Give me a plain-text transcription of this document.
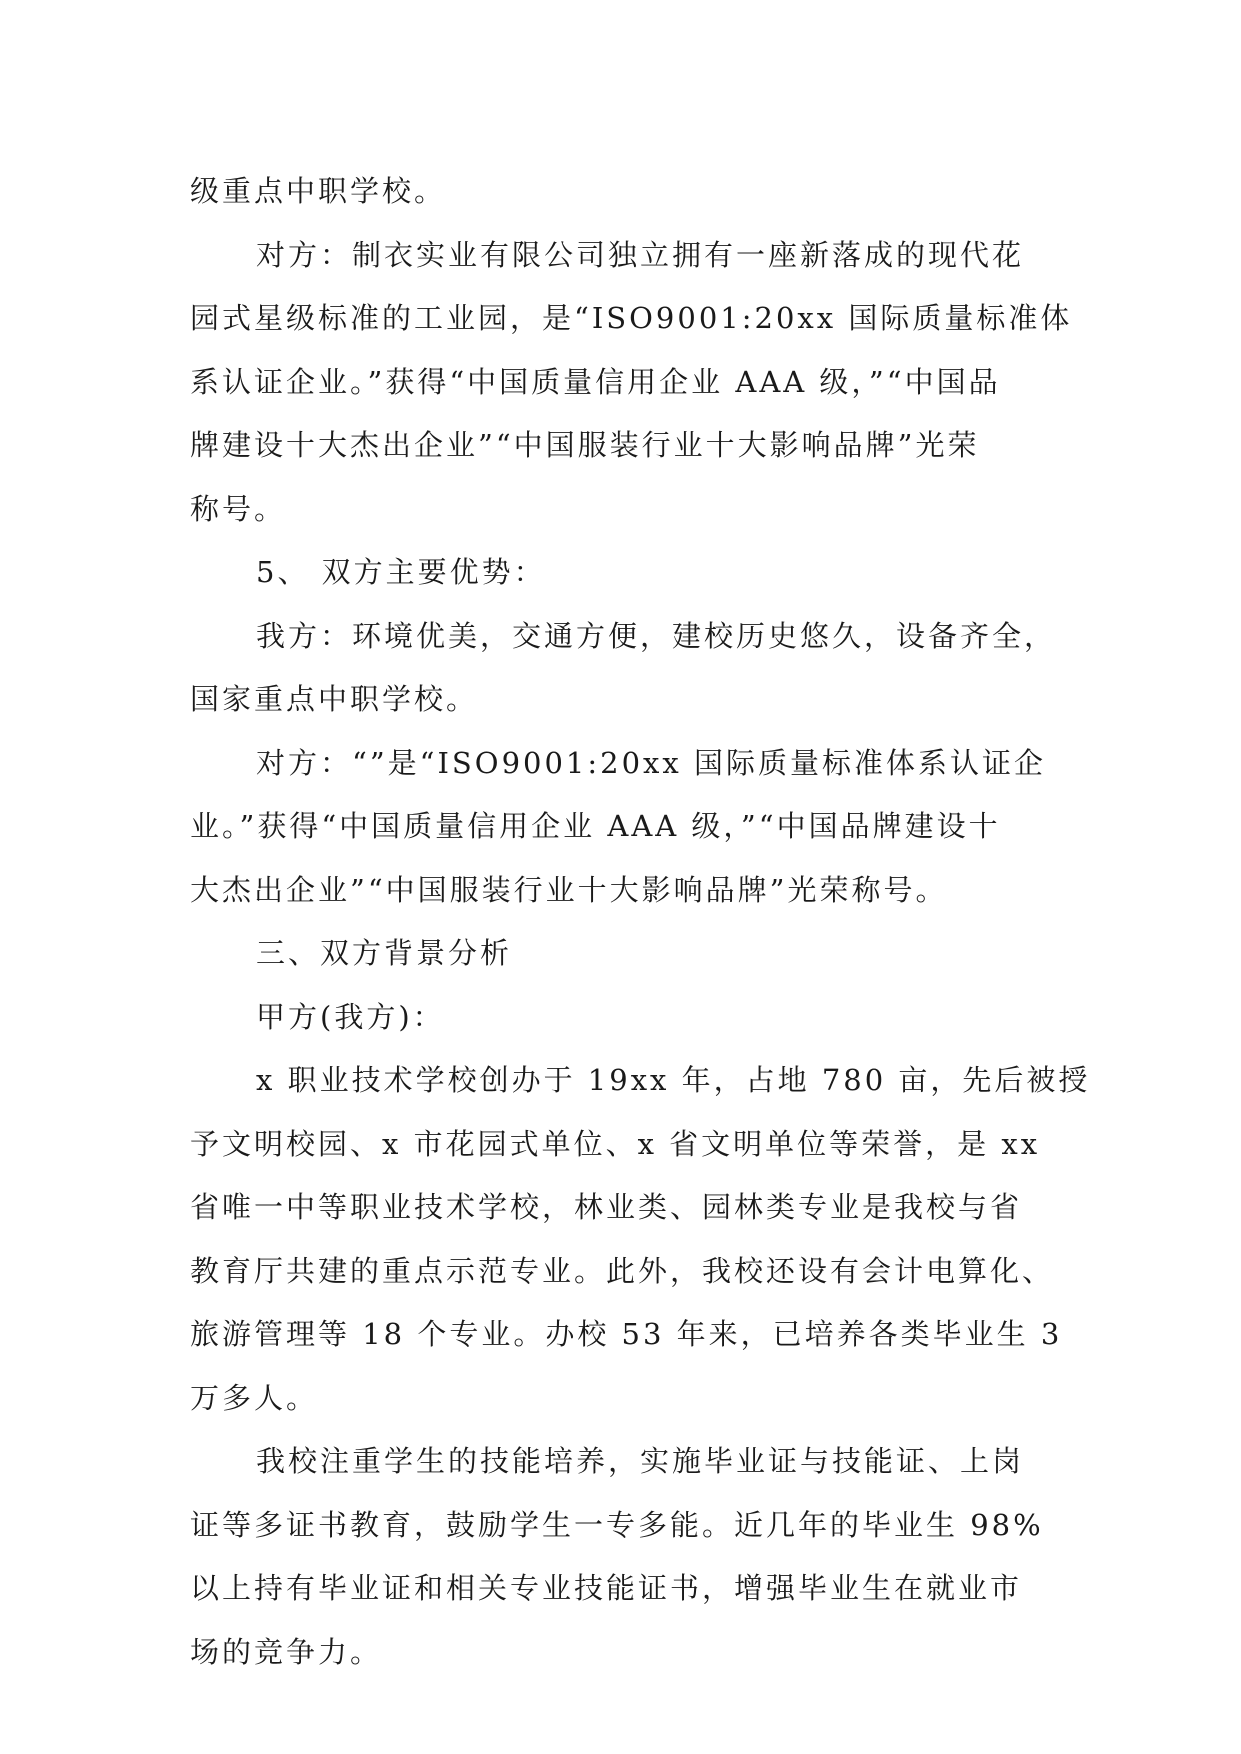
级重点中职学校。
对方：制衣实业有限公司独立拥有一座新落成的现代花
园式星级标准的工业园，是“ISO9001:20xx 国际质量标准体
系认证企业。”获得“中国质量信用企业 AAA 级，”“中国品
牌建设十大杰出企业”“中国服装行业十大影响品牌”光荣
称号。
5、 双方主要优势：
我方：环境优美，交通方便，建校历史悠久，设备齐全，
国家重点中职学校。
对方：“”是“ISO9001:20xx 国际质量标准体系认证企
业。”获得“中国质量信用企业 AAA 级，”“中国品牌建设十
大杰出企业”“中国服装行业十大影响品牌”光荣称号。
三、双方背景分析
甲方(我方)：
x 职业技术学校创办于 19xx 年，占地 780 亩，先后被授
予文明校园、x 市花园式单位、x 省文明单位等荣誉，是 xx
省唯一中等职业技术学校，林业类、园林类专业是我校与省
教育厅共建的重点示范专业。此外，我校还设有会计电算化、
旅游管理等 18 个专业。办校 53 年来，已培养各类毕业生 3
万多人。
我校注重学生的技能培养，实施毕业证与技能证、上岗
证等多证书教育，鼓励学生一专多能。近几年的毕业生 98%
以上持有毕业证和相关专业技能证书，增强毕业生在就业市
场的竞争力。
